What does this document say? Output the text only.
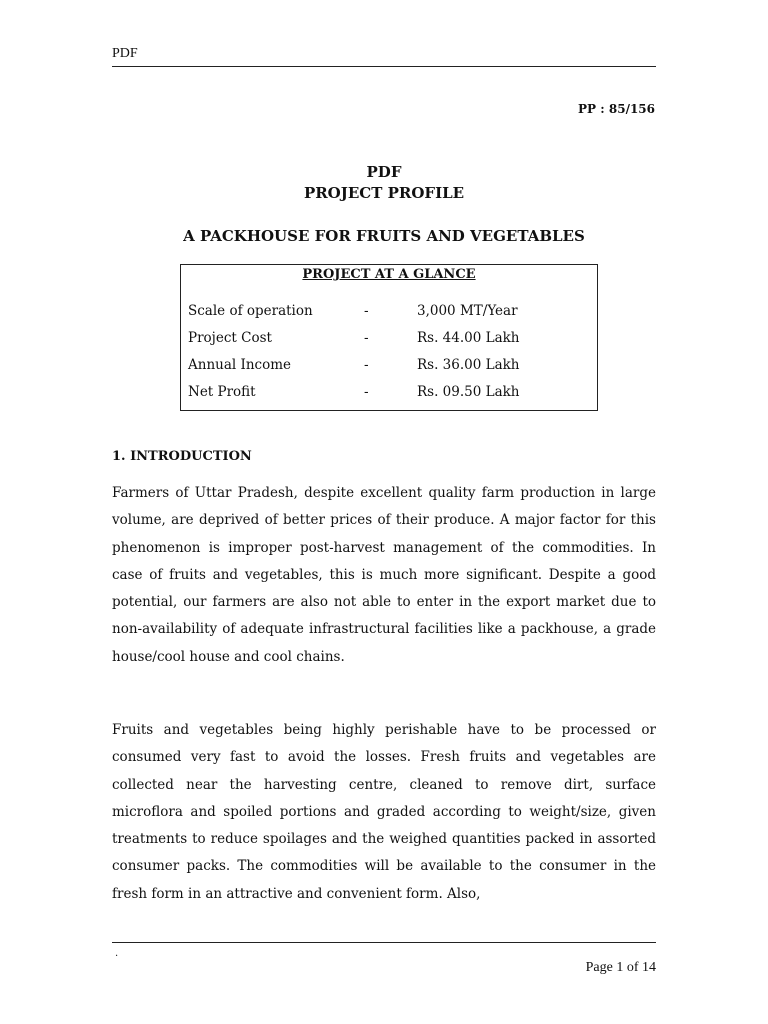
PDF
PP : 85/156
PDF
PROJECT PROFILE
A PACKHOUSE FOR FRUITS AND VEGETABLES
PROJECT AT A GLANCE
Scale of operation	-	3,000 MT/Year
Project Cost	-	Rs. 44.00 Lakh
Annual Income	-	Rs. 36.00 Lakh
Net Profit	-	Rs. 09.50 Lakh
1. INTRODUCTION
Farmers of Uttar Pradesh, despite excellent quality farm production in large volume, are deprived of better prices of their produce. A major factor for this phenomenon is improper post-harvest management of the commodities. In case of fruits and vegetables, this is much more significant. Despite a good potential, our farmers are also not able to enter in the export market due to non-availability of adequate infrastructural facilities like a packhouse, a grade house/cool house and cool chains.
Fruits and vegetables being highly perishable have to be processed or consumed very fast to avoid the losses. Fresh fruits and vegetables are collected near the harvesting centre, cleaned to remove dirt, surface microflora and spoiled portions and graded according to weight/size, given treatments to reduce spoilages and the weighed quantities packed in assorted consumer packs. The commodities will be available to the consumer in the fresh form in an attractive and convenient form. Also,
.
Page 1 of 14
